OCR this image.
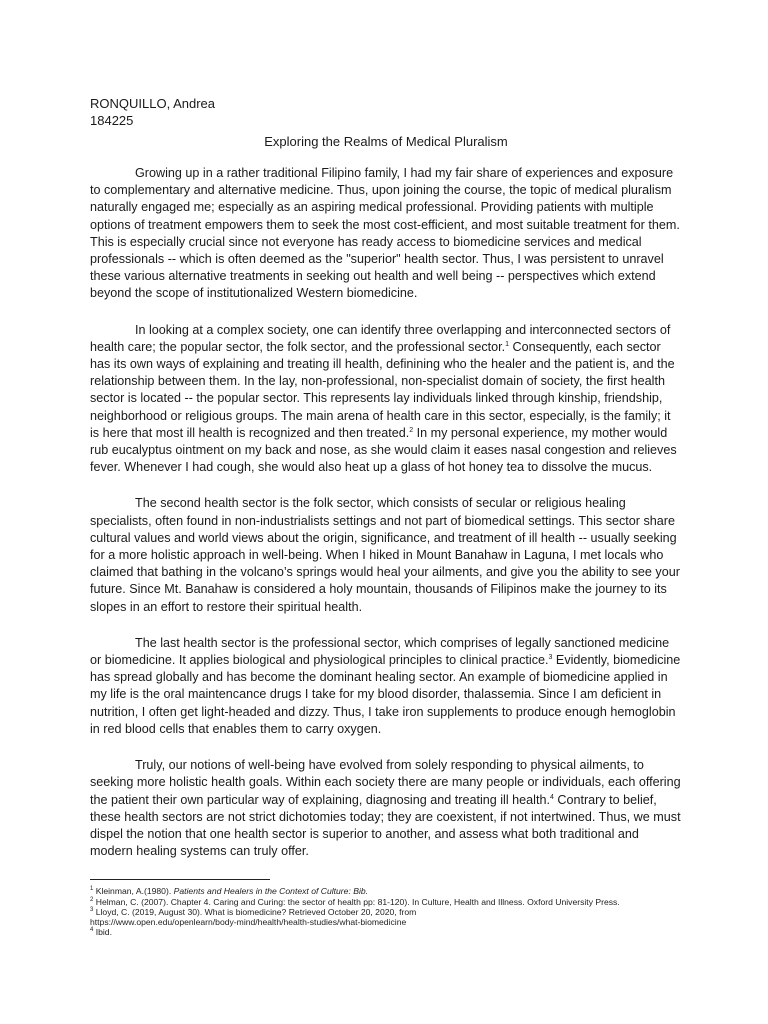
RONQUILLO, Andrea
184225
Exploring the Realms of Medical Pluralism

Growing up in a rather traditional Filipino family, I had my fair share of experiences and exposure to complementary and alternative medicine. Thus, upon joining the course, the topic of medical pluralism naturally engaged me; especially as an aspiring medical professional. Providing patients with multiple options of treatment empowers them to seek the most cost-efficient, and most suitable treatment for them. This is especially crucial since not everyone has ready access to biomedicine services and medical professionals -- which is often deemed as the "superior" health sector. Thus, I was persistent to unravel these various alternative treatments in seeking out health and well being -- perspectives which extend beyond the scope of institutionalized Western biomedicine.

In looking at a complex society, one can identify three overlapping and interconnected sectors of health care; the popular sector, the folk sector, and the professional sector.$^1$ Consequently, each sector has its own ways of explaining and treating ill health, definining who the healer and the patient is, and the relationship between them. In the lay, non-professional, non-specialist domain of society, the first health sector is located -- the popular sector. This represents lay individuals linked through kinship, friendship, neighborhood or religious groups. The main arena of health care in this sector, especially, is the family; it is here that most ill health is recognized and then treated.$^2$ In my personal experience, my mother would rub eucalyptus ointment on my back and nose, as she would claim it eases nasal congestion and relieves fever. Whenever I had cough, she would also heat up a glass of hot honey tea to dissolve the mucus.

The second health sector is the folk sector, which consists of secular or religious healing specialists, often found in non-industrialists settings and not part of biomedical settings. This sector share cultural values and world views about the origin, significance, and treatment of ill health -- usually seeking for a more holistic approach in well-being. When I hiked in Mount Banahaw in Laguna, I met locals who claimed that bathing in the volcano’s springs would heal your ailments, and give you the ability to see your future. Since Mt. Banahaw is considered a holy mountain, thousands of Filipinos make the journey to its slopes in an effort to restore their spiritual health.

The last health sector is the professional sector, which comprises of legally sanctioned medicine or biomedicine. It applies biological and physiological principles to clinical practice.$^3$ Evidently, biomedicine has spread globally and has become the dominant healing sector. An example of biomedicine applied in my life is the oral maintencance drugs I take for my blood disorder, thalassemia. Since I am deficient in nutrition, I often get light-headed and dizzy. Thus, I take iron supplements to produce enough hemoglobin in red blood cells that enables them to carry oxygen.

Truly, our notions of well-being have evolved from solely responding to physical ailments, to seeking more holistic health goals. Within each society there are many people or individuals, each offering the patient their own particular way of explaining, diagnosing and treating ill health.$^4$ Contrary to belief, these health sectors are not strict dichotomies today; they are coexistent, if not intertwined. Thus, we must dispel the notion that one health sector is superior to another, and assess what both traditional and modern healing systems can truly offer.

$^1$ Kleinman, A.(1980). Patients and Healers in the Context of Culture: Bib.
$^2$ Helman, C. (2007). Chapter 4. Caring and Curing: the sector of health pp: 81-120). In Culture, Health and Illness. Oxford University Press.
$^3$ Lloyd, C. (2019, August 30). What is biomedicine? Retrieved October 20, 2020, from
https://www.open.edu/openlearn/body-mind/health/health-studies/what-biomedicine
$^4$ Ibid.
